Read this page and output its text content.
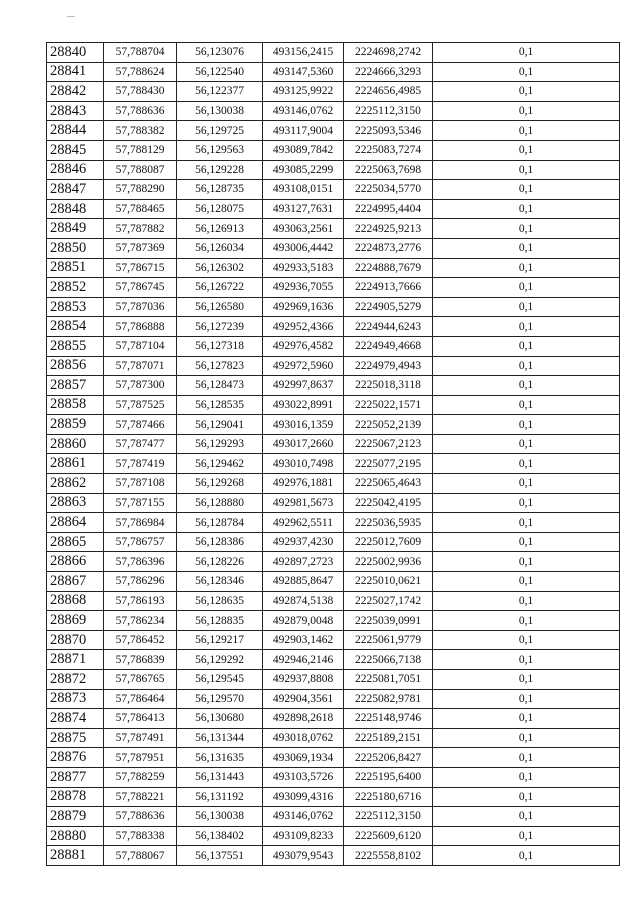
28840	57,788704	56,123076	493156,2415	2224698,2742	0,1
28841	57,788624	56,122540	493147,5360	2224666,3293	0,1
28842	57,788430	56,122377	493125,9922	2224656,4985	0,1
28843	57,788636	56,130038	493146,0762	2225112,3150	0,1
28844	57,788382	56,129725	493117,9004	2225093,5346	0,1
28845	57,788129	56,129563	493089,7842	2225083,7274	0,1
28846	57,788087	56,129228	493085,2299	2225063,7698	0,1
28847	57,788290	56,128735	493108,0151	2225034,5770	0,1
28848	57,788465	56,128075	493127,7631	2224995,4404	0,1
28849	57,787882	56,126913	493063,2561	2224925,9213	0,1
28850	57,787369	56,126034	493006,4442	2224873,2776	0,1
28851	57,786715	56,126302	492933,5183	2224888,7679	0,1
28852	57,786745	56,126722	492936,7055	2224913,7666	0,1
28853	57,787036	56,126580	492969,1636	2224905,5279	0,1
28854	57,786888	56,127239	492952,4366	2224944,6243	0,1
28855	57,787104	56,127318	492976,4582	2224949,4668	0,1
28856	57,787071	56,127823	492972,5960	2224979,4943	0,1
28857	57,787300	56,128473	492997,8637	2225018,3118	0,1
28858	57,787525	56,128535	493022,8991	2225022,1571	0,1
28859	57,787466	56,129041	493016,1359	2225052,2139	0,1
28860	57,787477	56,129293	493017,2660	2225067,2123	0,1
28861	57,787419	56,129462	493010,7498	2225077,2195	0,1
28862	57,787108	56,129268	492976,1881	2225065,4643	0,1
28863	57,787155	56,128880	492981,5673	2225042,4195	0,1
28864	57,786984	56,128784	492962,5511	2225036,5935	0,1
28865	57,786757	56,128386	492937,4230	2225012,7609	0,1
28866	57,786396	56,128226	492897,2723	2225002,9936	0,1
28867	57,786296	56,128346	492885,8647	2225010,0621	0,1
28868	57,786193	56,128635	492874,5138	2225027,1742	0,1
28869	57,786234	56,128835	492879,0048	2225039,0991	0,1
28870	57,786452	56,129217	492903,1462	2225061,9779	0,1
28871	57,786839	56,129292	492946,2146	2225066,7138	0,1
28872	57,786765	56,129545	492937,8808	2225081,7051	0,1
28873	57,786464	56,129570	492904,3561	2225082,9781	0,1
28874	57,786413	56,130680	492898,2618	2225148,9746	0,1
28875	57,787491	56,131344	493018,0762	2225189,2151	0,1
28876	57,787951	56,131635	493069,1934	2225206,8427	0,1
28877	57,788259	56,131443	493103,5726	2225195,6400	0,1
28878	57,788221	56,131192	493099,4316	2225180,6716	0,1
28879	57,788636	56,130038	493146,0762	2225112,3150	0,1
28880	57,788338	56,138402	493109,8233	2225609,6120	0,1
28881	57,788067	56,137551	493079,9543	2225558,8102	0,1
